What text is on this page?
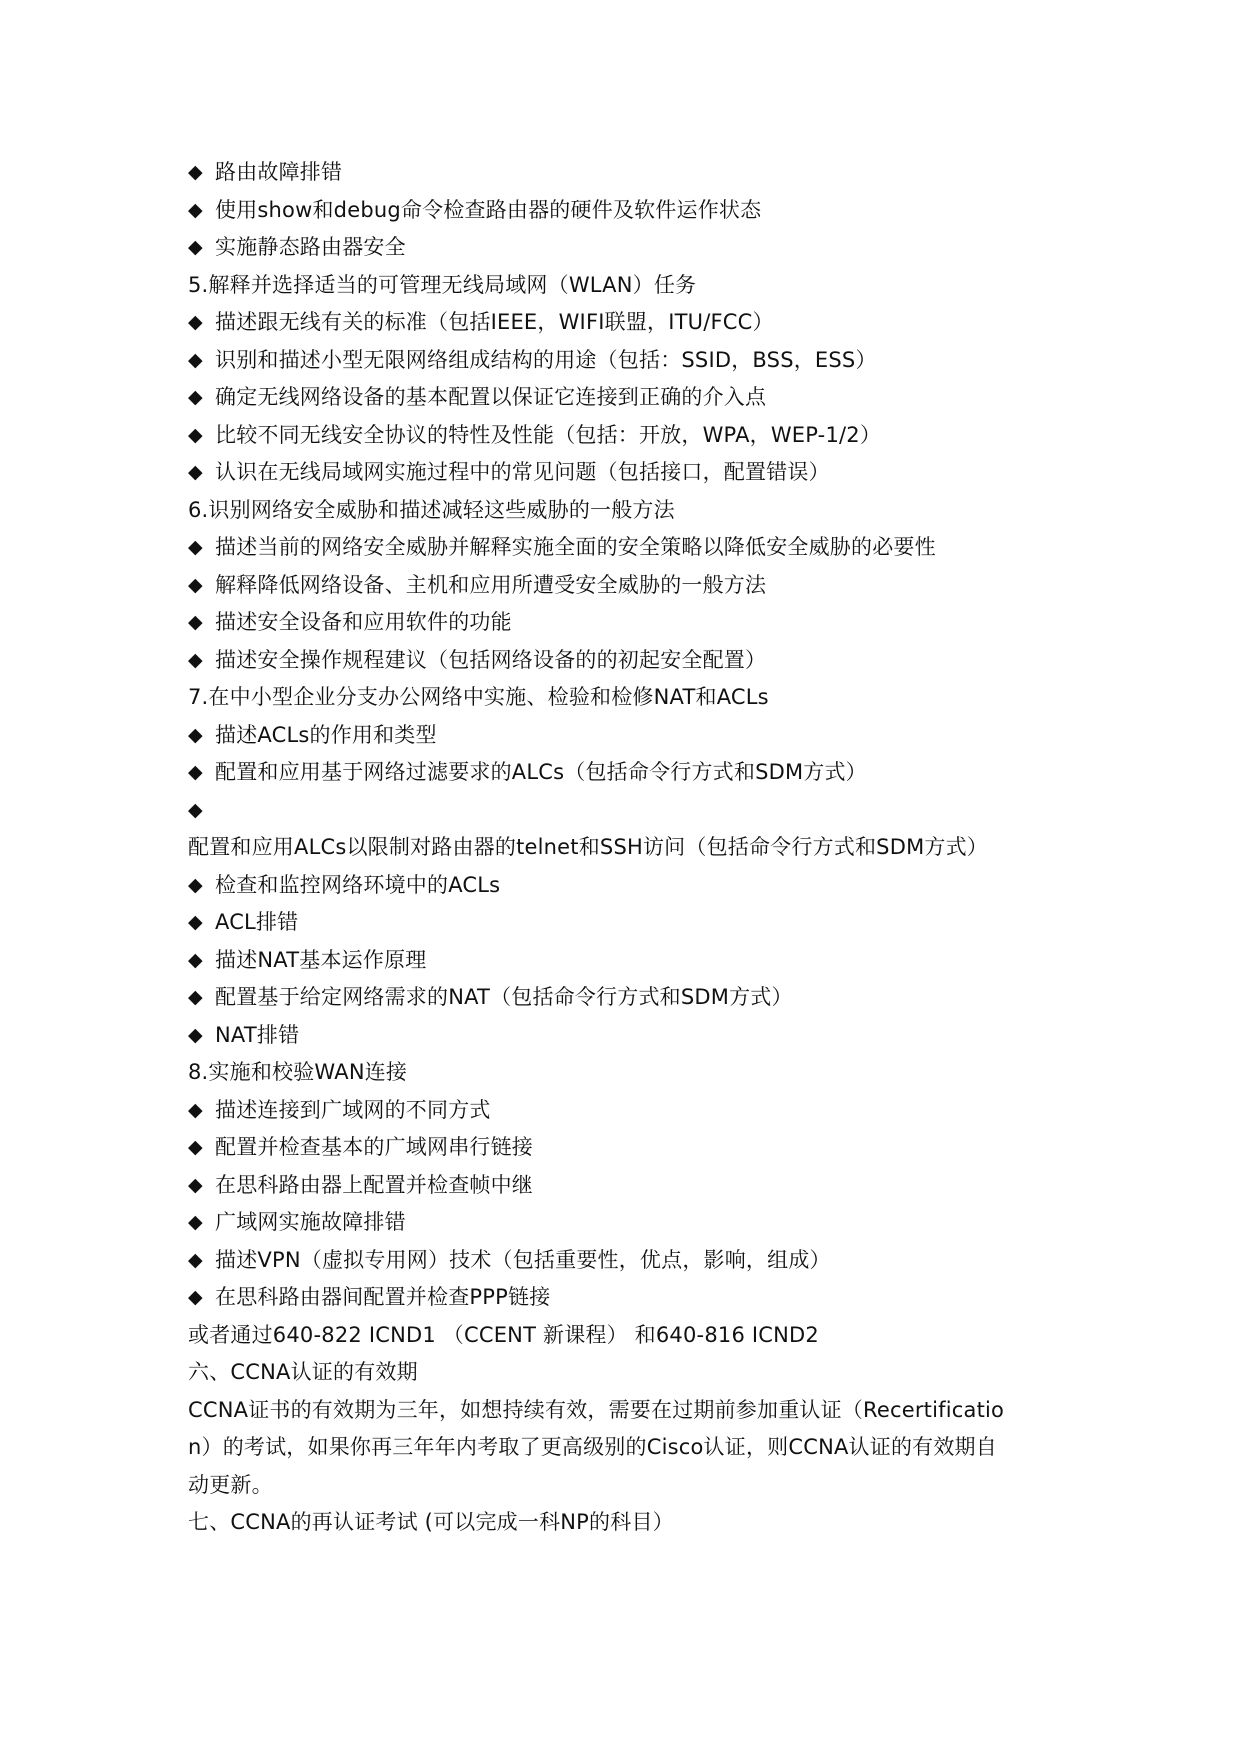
◆ 路由故障排错
◆ 使用show和debug命令检查路由器的硬件及软件运作状态
◆ 实施静态路由器安全
5.解释并选择适当的可管理无线局域网（WLAN）任务
◆ 描述跟无线有关的标准（包括IEEE，WIFI联盟，ITU/FCC）
◆ 识别和描述小型无限网络组成结构的用途（包括：SSID，BSS，ESS）
◆ 确定无线网络设备的基本配置以保证它连接到正确的介入点
◆ 比较不同无线安全协议的特性及性能（包括：开放，WPA，WEP-1/2）
◆ 认识在无线局域网实施过程中的常见问题（包括接口，配置错误）
6.识别网络安全威胁和描述减轻这些威胁的一般方法
◆ 描述当前的网络安全威胁并解释实施全面的安全策略以降低安全威胁的必要性
◆ 解释降低网络设备、主机和应用所遭受安全威胁的一般方法
◆ 描述安全设备和应用软件的功能
◆ 描述安全操作规程建议（包括网络设备的的初起安全配置）
7.在中小型企业分支办公网络中实施、检验和检修NAT和ACLs
◆ 描述ACLs的作用和类型
◆ 配置和应用基于网络过滤要求的ALCs（包括命令行方式和SDM方式）
◆
配置和应用ALCs以限制对路由器的telnet和SSH访问（包括命令行方式和SDM方式）
◆ 检查和监控网络环境中的ACLs
◆ ACL排错
◆ 描述NAT基本运作原理
◆ 配置基于给定网络需求的NAT（包括命令行方式和SDM方式）
◆ NAT排错
8.实施和校验WAN连接
◆ 描述连接到广域网的不同方式
◆ 配置并检查基本的广域网串行链接
◆ 在思科路由器上配置并检查帧中继
◆ 广域网实施故障排错
◆ 描述VPN（虚拟专用网）技术（包括重要性，优点，影响，组成）
◆ 在思科路由器间配置并检查PPP链接
或者通过640-822 ICND1 （CCENT 新课程） 和640-816 ICND2
六、CCNA认证的有效期
CCNA证书的有效期为三年，如想持续有效，需要在过期前参加重认证（Recertificatio
n）的考试，如果你再三年年内考取了更高级别的Cisco认证，则CCNA认证的有效期自
动更新。
七、CCNA的再认证考试 (可以完成一科NP的科目）
